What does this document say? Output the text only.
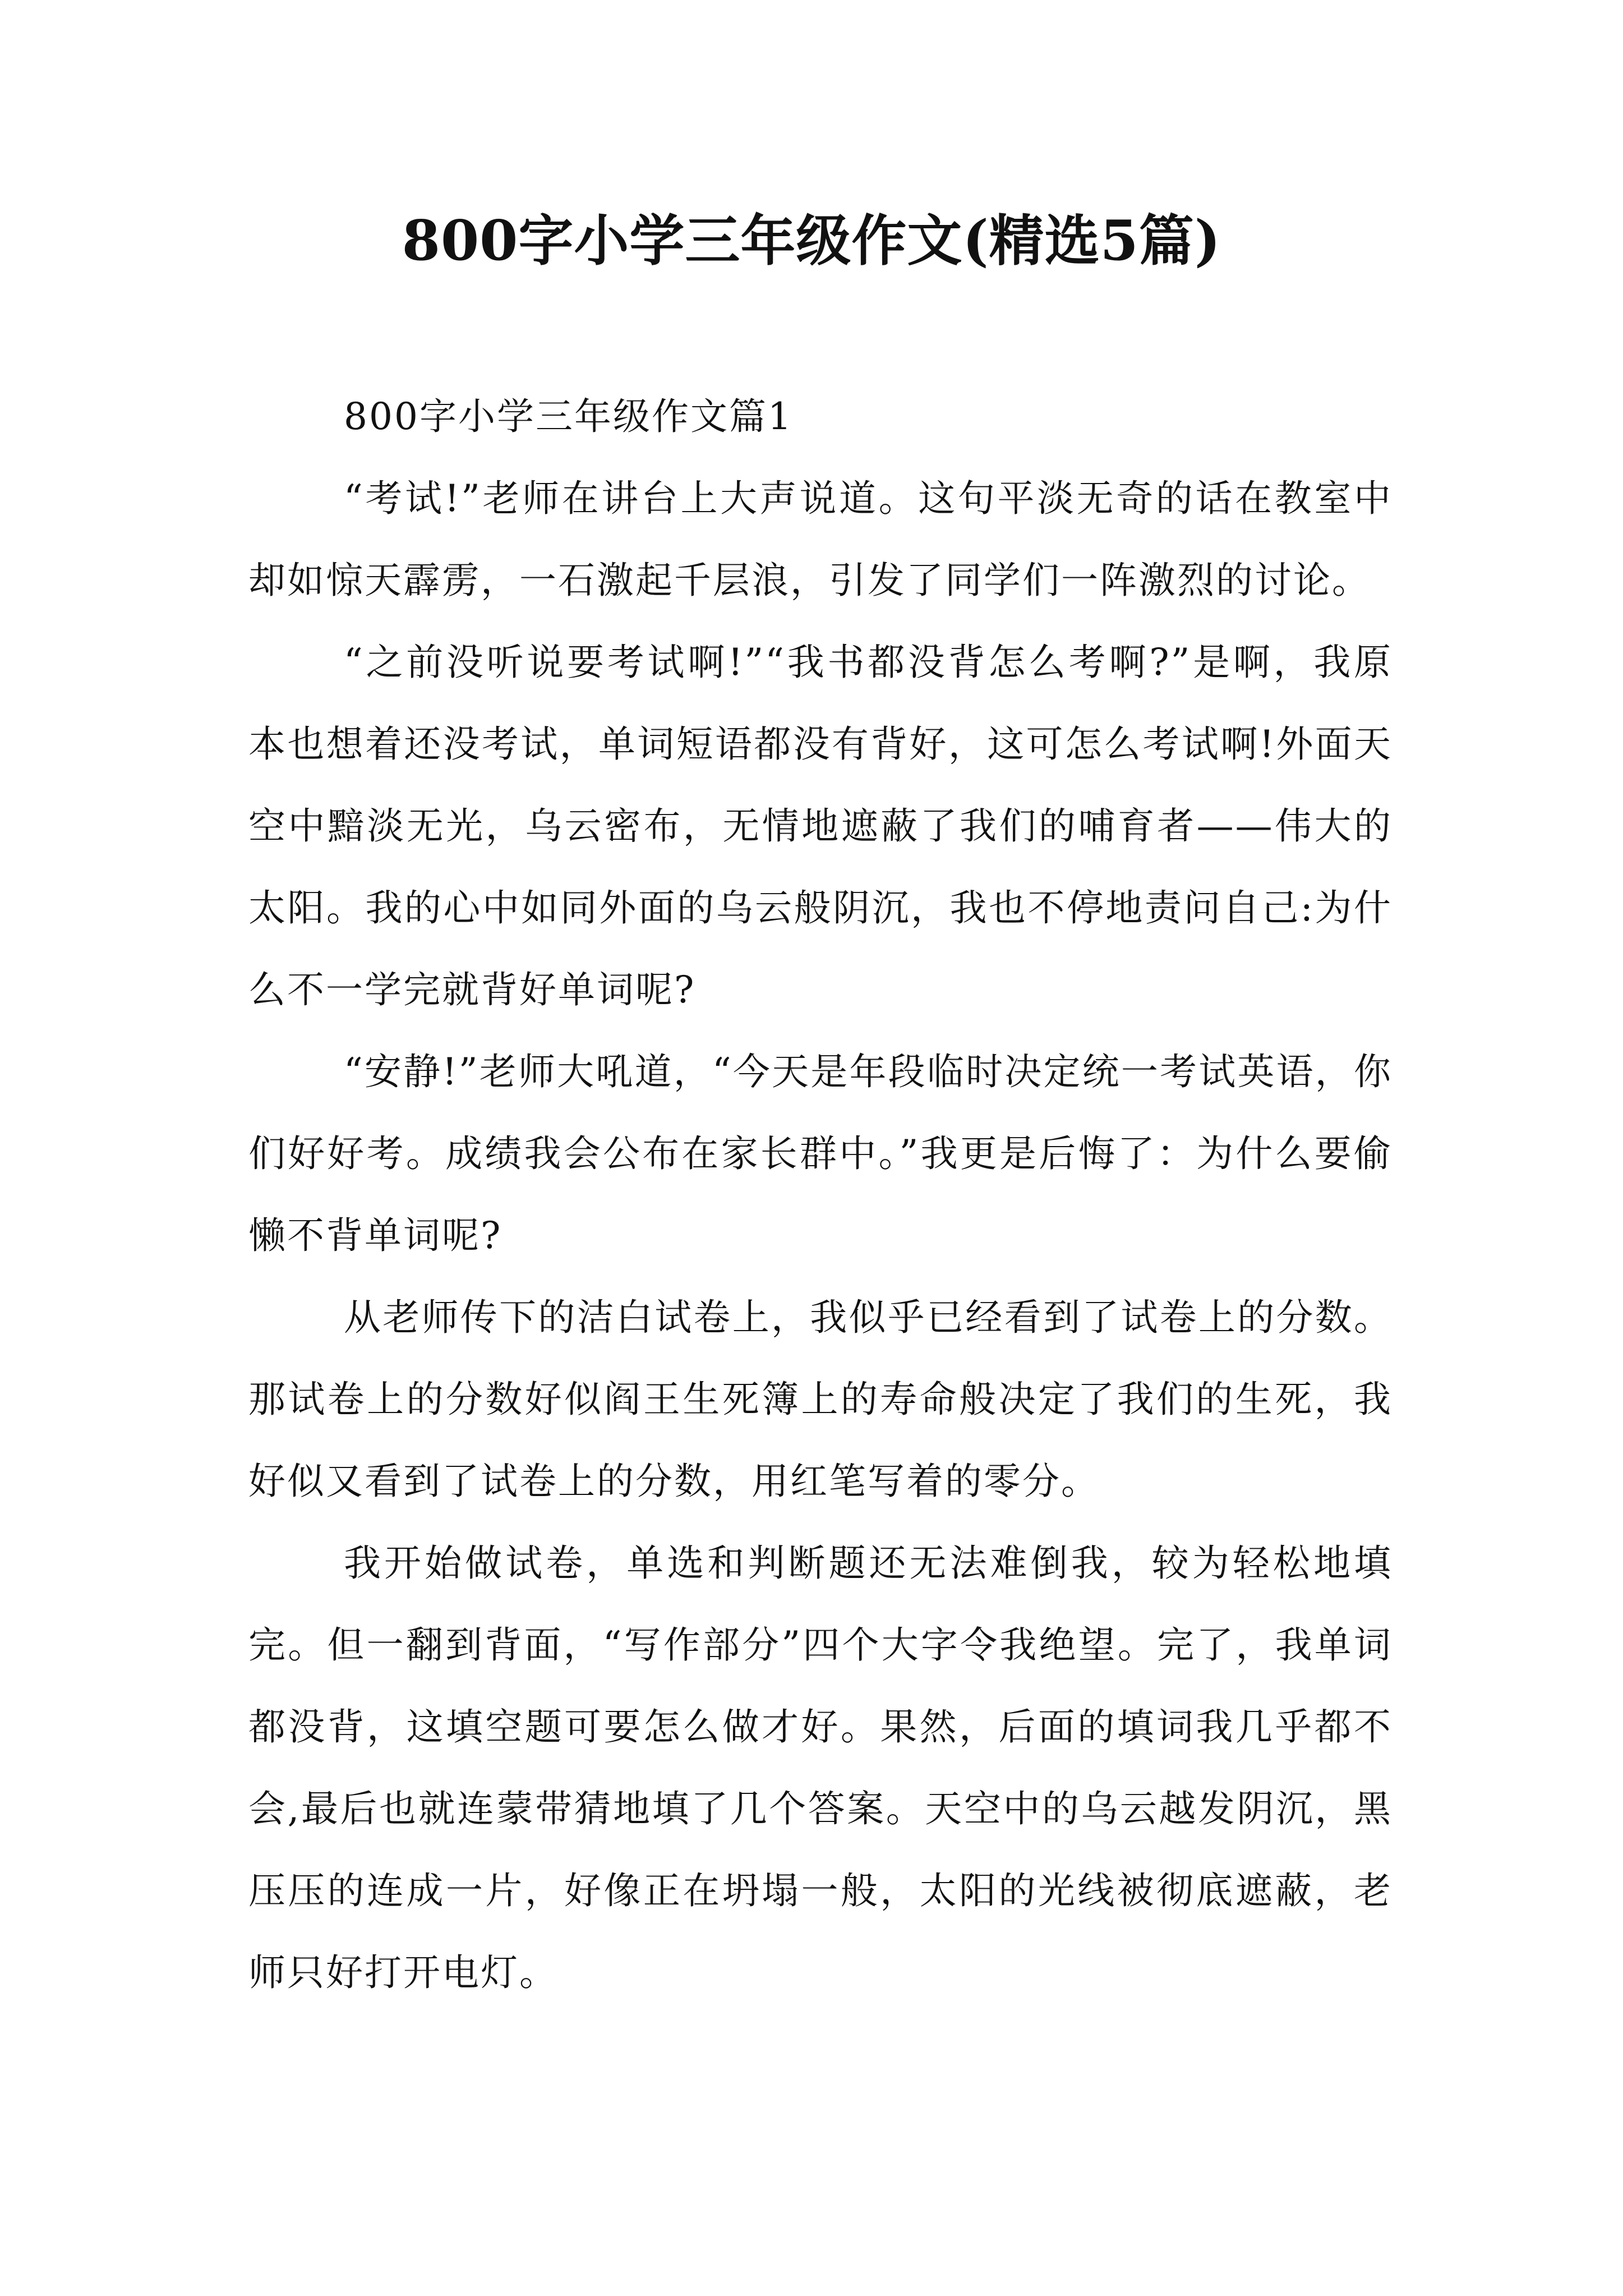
800字小学三年级作文(精选5篇)

800字小学三年级作文篇1

“考试!”老师在讲台上大声说道。这句平淡无奇的话在教室中却如惊天霹雳，一石激起千层浪，引发了同学们一阵激烈的讨论。

“之前没听说要考试啊!”“我书都没背怎么考啊?”是啊，我原本也想着还没考试，单词短语都没有背好，这可怎么考试啊!外面天空中黯淡无光，乌云密布，无情地遮蔽了我们的哺育者——伟大的太阳。我的心中如同外面的乌云般阴沉，我也不停地责问自己:为什么不一学完就背好单词呢?

“安静!”老师大吼道，“今天是年段临时决定统一考试英语，你们好好考。成绩我会公布在家长群中。”我更是后悔了：为什么要偷懒不背单词呢?

从老师传下的洁白试卷上，我似乎已经看到了试卷上的分数。那试卷上的分数好似阎王生死簿上的寿命般决定了我们的生死，我好似又看到了试卷上的分数，用红笔写着的零分。

我开始做试卷，单选和判断题还无法难倒我，较为轻松地填完。但一翻到背面，“写作部分”四个大字令我绝望。完了，我单词都没背，这填空题可要怎么做才好。果然，后面的填词我几乎都不会,最后也就连蒙带猜地填了几个答案。天空中的乌云越发阴沉，黑压压的连成一片，好像正在坍塌一般，太阳的光线被彻底遮蔽，老师只好打开电灯。
